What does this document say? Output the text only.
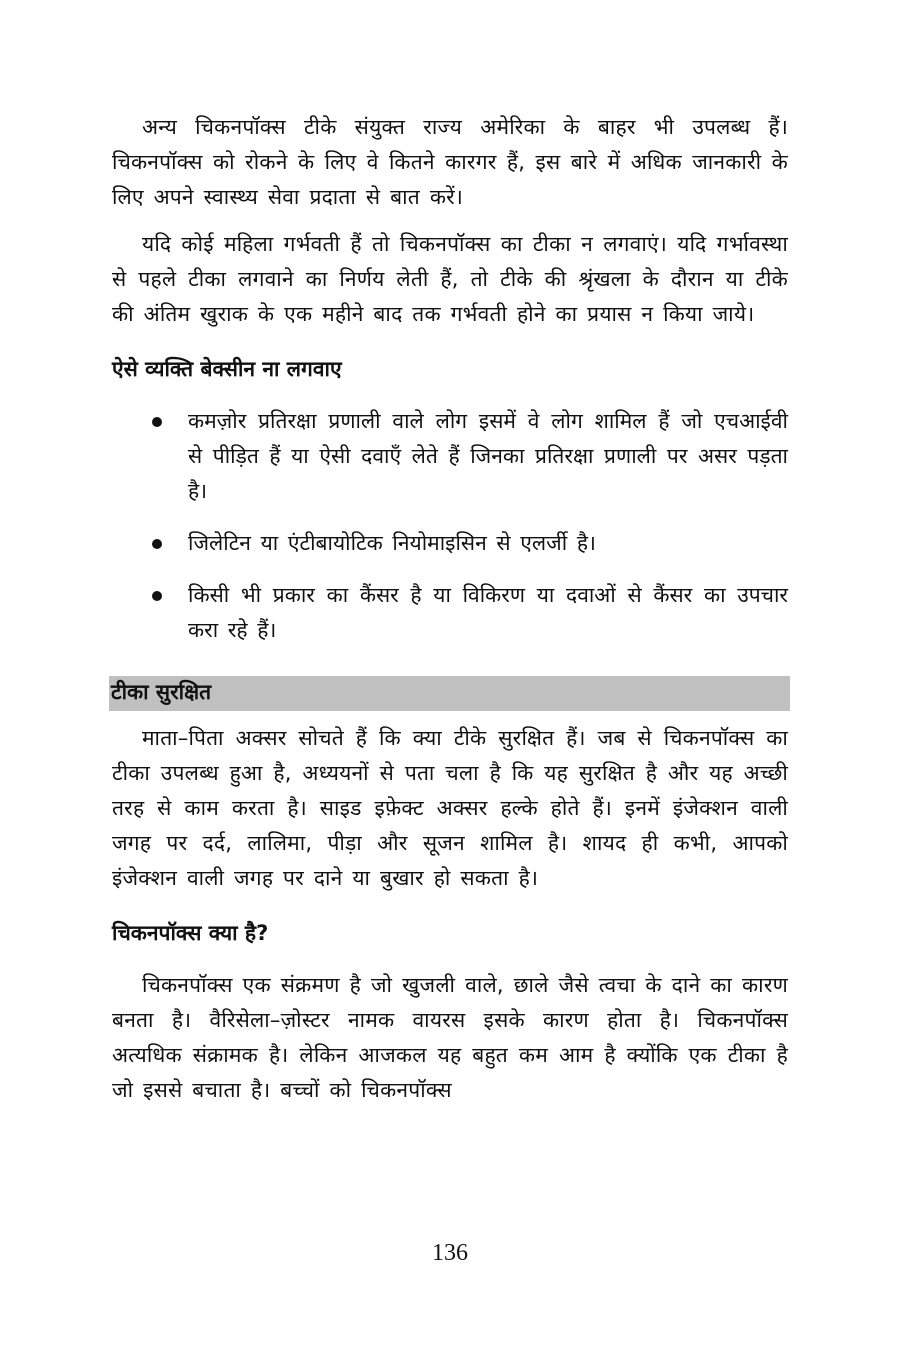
अन्य चिकनपॉक्स टीके संयुक्त राज्य अमेरिका के बाहर भी उपलब्ध हैं। चिकनपॉक्स को रोकने के लिए वे कितने कारगर हैं, इस बारे में अधिक जानकारी के लिए अपने स्वास्थ्य सेवा प्रदाता से बात करें।

यदि कोई महिला गर्भवती हैं तो चिकनपॉक्स का टीका न लगवाएं। यदि गर्भावस्था से पहले टीका लगवाने का निर्णय लेती हैं, तो टीके की श्रृंखला के दौरान या टीके की अंतिम खुराक के एक महीने बाद तक गर्भवती होने का प्रयास न किया जाये।

ऐसे व्यक्ति बेक्सीन ना लगवाए
कमज़ोर प्रतिरक्षा प्रणाली वाले लोग इसमें वे लोग शामिल हैं जो एचआईवी से पीड़ित हैं या ऐसी दवाएँ लेते हैं जिनका प्रतिरक्षा प्रणाली पर असर पड़ता है।
जिलेटिन या एंटीबायोटिक नियोमाइसिन से एलर्जी है।
किसी भी प्रकार का कैंसर है या विकिरण या दवाओं से कैंसर का उपचार करा रहे हैं।
टीका सुरक्षित

माता–पिता अक्सर सोचते हैं कि क्या टीके सुरक्षित हैं। जब से चिकनपॉक्स का टीका उपलब्ध हुआ है, अध्ययनों से पता चला है कि यह सुरक्षित है और यह अच्छी तरह से काम करता है। साइड इफ़ेक्ट अक्सर हल्के होते हैं। इनमें इंजेक्शन वाली जगह पर दर्द, लालिमा, पीड़ा और सूजन शामिल है। शायद ही कभी, आपको इंजेक्शन वाली जगह पर दाने या बुखार हो सकता है।

चिकनपॉक्स क्या है?

चिकनपॉक्स एक संक्रमण है जो खुजली वाले, छाले जैसे त्वचा के दाने का कारण बनता है। वैरिसेला–ज़ोस्टर नामक वायरस इसके कारण होता है। चिकनपॉक्स अत्यधिक संक्रामक है। लेकिन आजकल यह बहुत कम आम है क्योंकि एक टीका है जो इससे बचाता है। बच्चों को चिकनपॉक्स

136
